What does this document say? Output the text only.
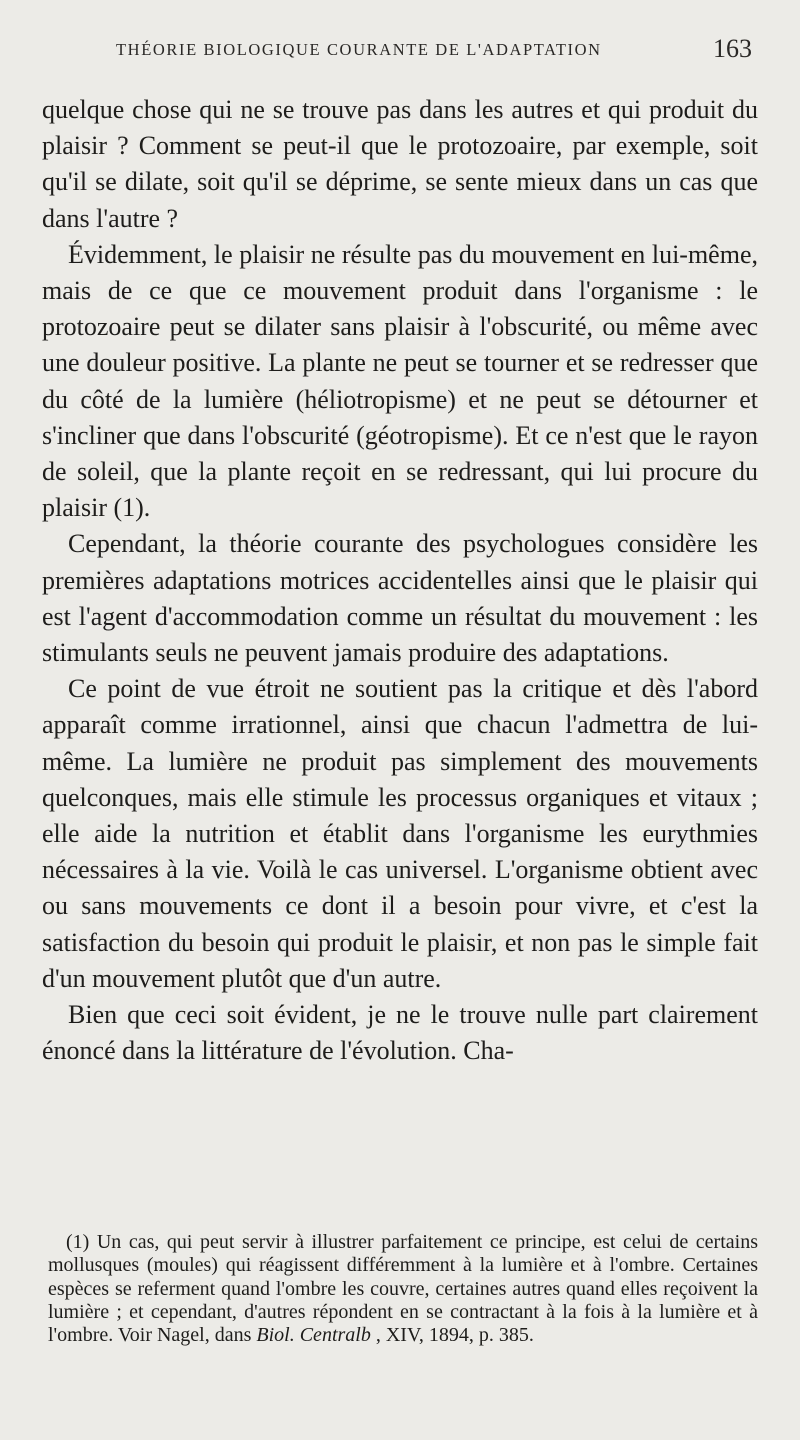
THÉORIE BIOLOGIQUE COURANTE DE L'ADAPTATION	163

quelque chose qui ne se trouve pas dans les autres et qui produit du plaisir ? Comment se peut-il que le protozoaire, par exemple, soit qu'il se dilate, soit qu'il se déprime, se sente mieux dans un cas que dans l'autre ?

Évidemment, le plaisir ne résulte pas du mouvement en lui-même, mais de ce que ce mouvement produit dans l'organisme : le protozoaire peut se dilater sans plaisir à l'obscurité, ou même avec une douleur positive. La plante ne peut se tourner et se redresser que du côté de la lumière (héliotropisme) et ne peut se détourner et s'incliner que dans l'obscurité (géotropisme). Et ce n'est que le rayon de soleil, que la plante reçoit en se redressant, qui lui procure du plaisir (1).

Cependant, la théorie courante des psychologues considère les premières adaptations motrices accidentelles ainsi que le plaisir qui est l'agent d'accommodation comme un résultat du mouvement : les stimulants seuls ne peuvent jamais produire des adaptations.

Ce point de vue étroit ne soutient pas la critique et dès l'abord apparaît comme irrationnel, ainsi que chacun l'admettra de lui-même. La lumière ne produit pas simplement des mouvements quelconques, mais elle stimule les processus organiques et vitaux ; elle aide la nutrition et établit dans l'organisme les eurythmies nécessaires à la vie. Voilà le cas universel. L'organisme obtient avec ou sans mouvements ce dont il a besoin pour vivre, et c'est la satisfaction du besoin qui produit le plaisir, et non pas le simple fait d'un mouvement plutôt que d'un autre.

Bien que ceci soit évident, je ne le trouve nulle part clairement énoncé dans la littérature de l'évolution. Cha-

(1) Un cas, qui peut servir à illustrer parfaitement ce principe, est celui de certains mollusques (moules) qui réagissent différemment à la lumière et à l'ombre. Certaines espèces se referment quand l'ombre les couvre, certaines autres quand elles reçoivent la lumière ; et cependant, d'autres répondent en se contractant à la fois à la lumière et à l'ombre. Voir Nagel, dans Biol. Centralb , XIV, 1894, p. 385.
